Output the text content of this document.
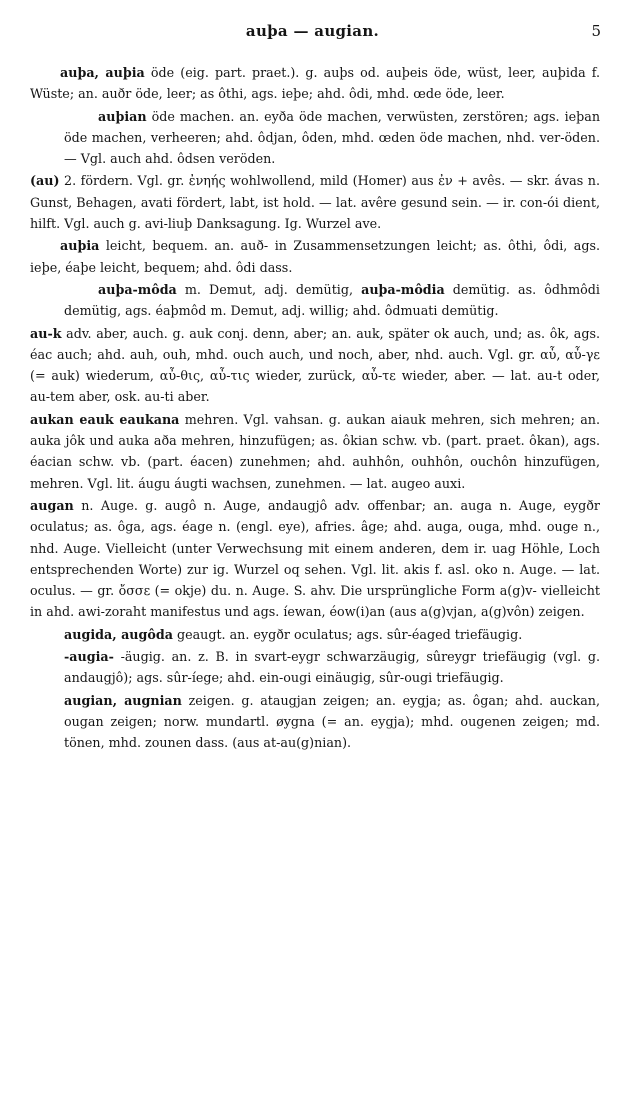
auþa — augian.	5

auþa, auþia öde (eig. part. praet.). g. auþs od. auþeis öde, wüst, leer, auþida f. Wüste; an. auðr öde, leer; as ôthi, ags. ieþe; ahd. ôdi, mhd. œde öde, leer.

auþian öde machen. an. eyða öde machen, verwüsten, zerstören; ags. ieþan öde machen, verheeren; ahd. ôdjan, ôden, mhd. œden öde machen, nhd. ver-öden. — Vgl. auch ahd. ôdsen veröden.

(au) 2. fördern. Vgl. gr. ἐνηής wohlwollend, mild (Homer) aus ἐν + avês. — skr. ávas n. Gunst, Behagen, avati fördert, labt, ist hold. — lat. avêre gesund sein. — ir. con-ói dient, hilft. Vgl. auch g. avi-liuþ Danksagung. Ig. Wurzel ave.

auþia leicht, bequem. an. auð- in Zusammensetzungen leicht; as. ôthi, ôdi, ags. ieþe, éaþe leicht, bequem; ahd. ôdi dass.

auþa-môda m. Demut, adj. demütig, auþa-môdia demütig. as. ôdhmôdi demütig, ags. éaþmôd m. Demut, adj. willig; ahd. ôdmuati demütig.

au-k adv. aber, auch. g. auk conj. denn, aber; an. auk, später ok auch, und; as. ôk, ags. éac auch; ahd. auh, ouh, mhd. ouch auch, und noch, aber, nhd. auch. Vgl. gr. αὖ, αὖ-γε (= auk) wiederum, αὖ-θις, αὖ-τις wieder, zurück, αὖ-τε wieder, aber. — lat. au-t oder, au-tem aber, osk. au-ti aber.

aukan eauk eaukana mehren. Vgl. vahsan. g. aukan aiauk mehren, sich mehren; an. auka jôk und auka aða mehren, hinzufügen; as. ôkian schw. vb. (part. praet. ôkan), ags. éacian schw. vb. (part. éacen) zunehmen; ahd. auhhôn, ouhhôn, ouchôn hinzufügen, mehren. Vgl. lit. áugu áugti wachsen, zunehmen. — lat. augeo auxi.

augan n. Auge. g. augô n. Auge, andaugjô adv. offenbar; an. auga n. Auge, eygðr oculatus; as. ôga, ags. éage n. (engl. eye), afries. âge; ahd. auga, ouga, mhd. ouge n., nhd. Auge. Vielleicht (unter Verwechsung mit einem anderen, dem ir. uag Höhle, Loch entsprechenden Worte) zur ig. Wurzel oq sehen. Vgl. lit. akis f. asl. oko n. Auge. — lat. oculus. — gr. ὄσσε (= okje) du. n. Auge. S. ahv. Die ursprüngliche Form a(g)v- vielleicht in ahd. awi-zoraht manifestus und ags. íewan, éow(i)an (aus a(g)vjan, a(g)vôn) zeigen.

augida, augôda geaugt. an. eygðr oculatus; ags. sûr-éaged triefäugig.

-augia- -äugig. an. z. B. in svart-eygr schwarzäugig, sûreygr triefäugig (vgl. g. andaugjô); ags. sûr-íege; ahd. ein-ougi einäugig, sûr-ougi triefäugig.

augian, augnian zeigen. g. ataugjan zeigen; an. eygja; as. ôgan; ahd. auckan, ougan zeigen; norw. mundartl. øygna (= an. eygja); mhd. ougenen zeigen; md. tönen, mhd. zounen dass. (aus at-au(g)nian).
